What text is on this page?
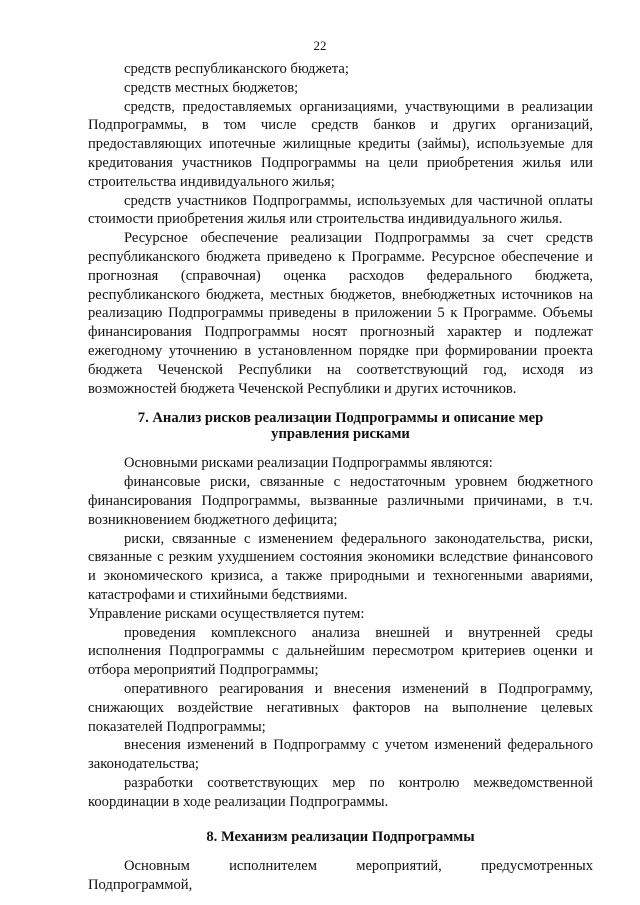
22

средств республиканского бюджета;

средств местных бюджетов;

средств, предоставляемых организациями, участвующими в реализации Подпрограммы, в том числе средств банков и других организаций, предоставляющих ипотечные жилищные кредиты (займы), используемые для кредитования участников Подпрограммы на цели приобретения жилья или строительства индивидуального жилья;

средств участников Подпрограммы, используемых для частичной оплаты стоимости приобретения жилья или строительства индивидуального жилья.

Ресурсное обеспечение реализации Подпрограммы за счет средств республиканского бюджета приведено к Программе. Ресурсное обеспечение и прогнозная (справочная) оценка расходов федерального бюджета, республиканского бюджета, местных бюджетов, внебюджетных источников на реализацию Подпрограммы приведены в приложении 5 к Программе. Объемы финансирования Подпрограммы носят прогнозный характер и подлежат ежегодному уточнению в установленном порядке при формировании проекта бюджета Чеченской Республики на соответствующий год, исходя из возможностей бюджета Чеченской Республики и других источников.

7. Анализ рисков реализации Подпрограммы и описание мер управления рисками

Основными рисками реализации Подпрограммы являются:

финансовые риски, связанные с недостаточным уровнем бюджетного финансирования Подпрограммы, вызванные различными причинами, в т.ч. возникновением бюджетного дефицита;

риски, связанные с изменением федерального законодательства, риски, связанные с резким ухудшением состояния экономики вследствие финансового и экономического кризиса, а также природными и техногенными авариями, катастрофами и стихийными бедствиями.

Управление рисками осуществляется путем:

проведения комплексного анализа внешней и внутренней среды исполнения Подпрограммы с дальнейшим пересмотром критериев оценки и отбора мероприятий Подпрограммы;

оперативного реагирования и внесения изменений в Подпрограмму, снижающих воздействие негативных факторов на выполнение целевых показателей Подпрограммы;

внесения изменений в Подпрограмму с учетом изменений федерального законодательства;

разработки соответствующих мер по контролю межведомственной координации в ходе реализации Подпрограммы.

8. Механизм реализации Подпрограммы

Основным исполнителем мероприятий, предусмотренных Подпрограммой,
